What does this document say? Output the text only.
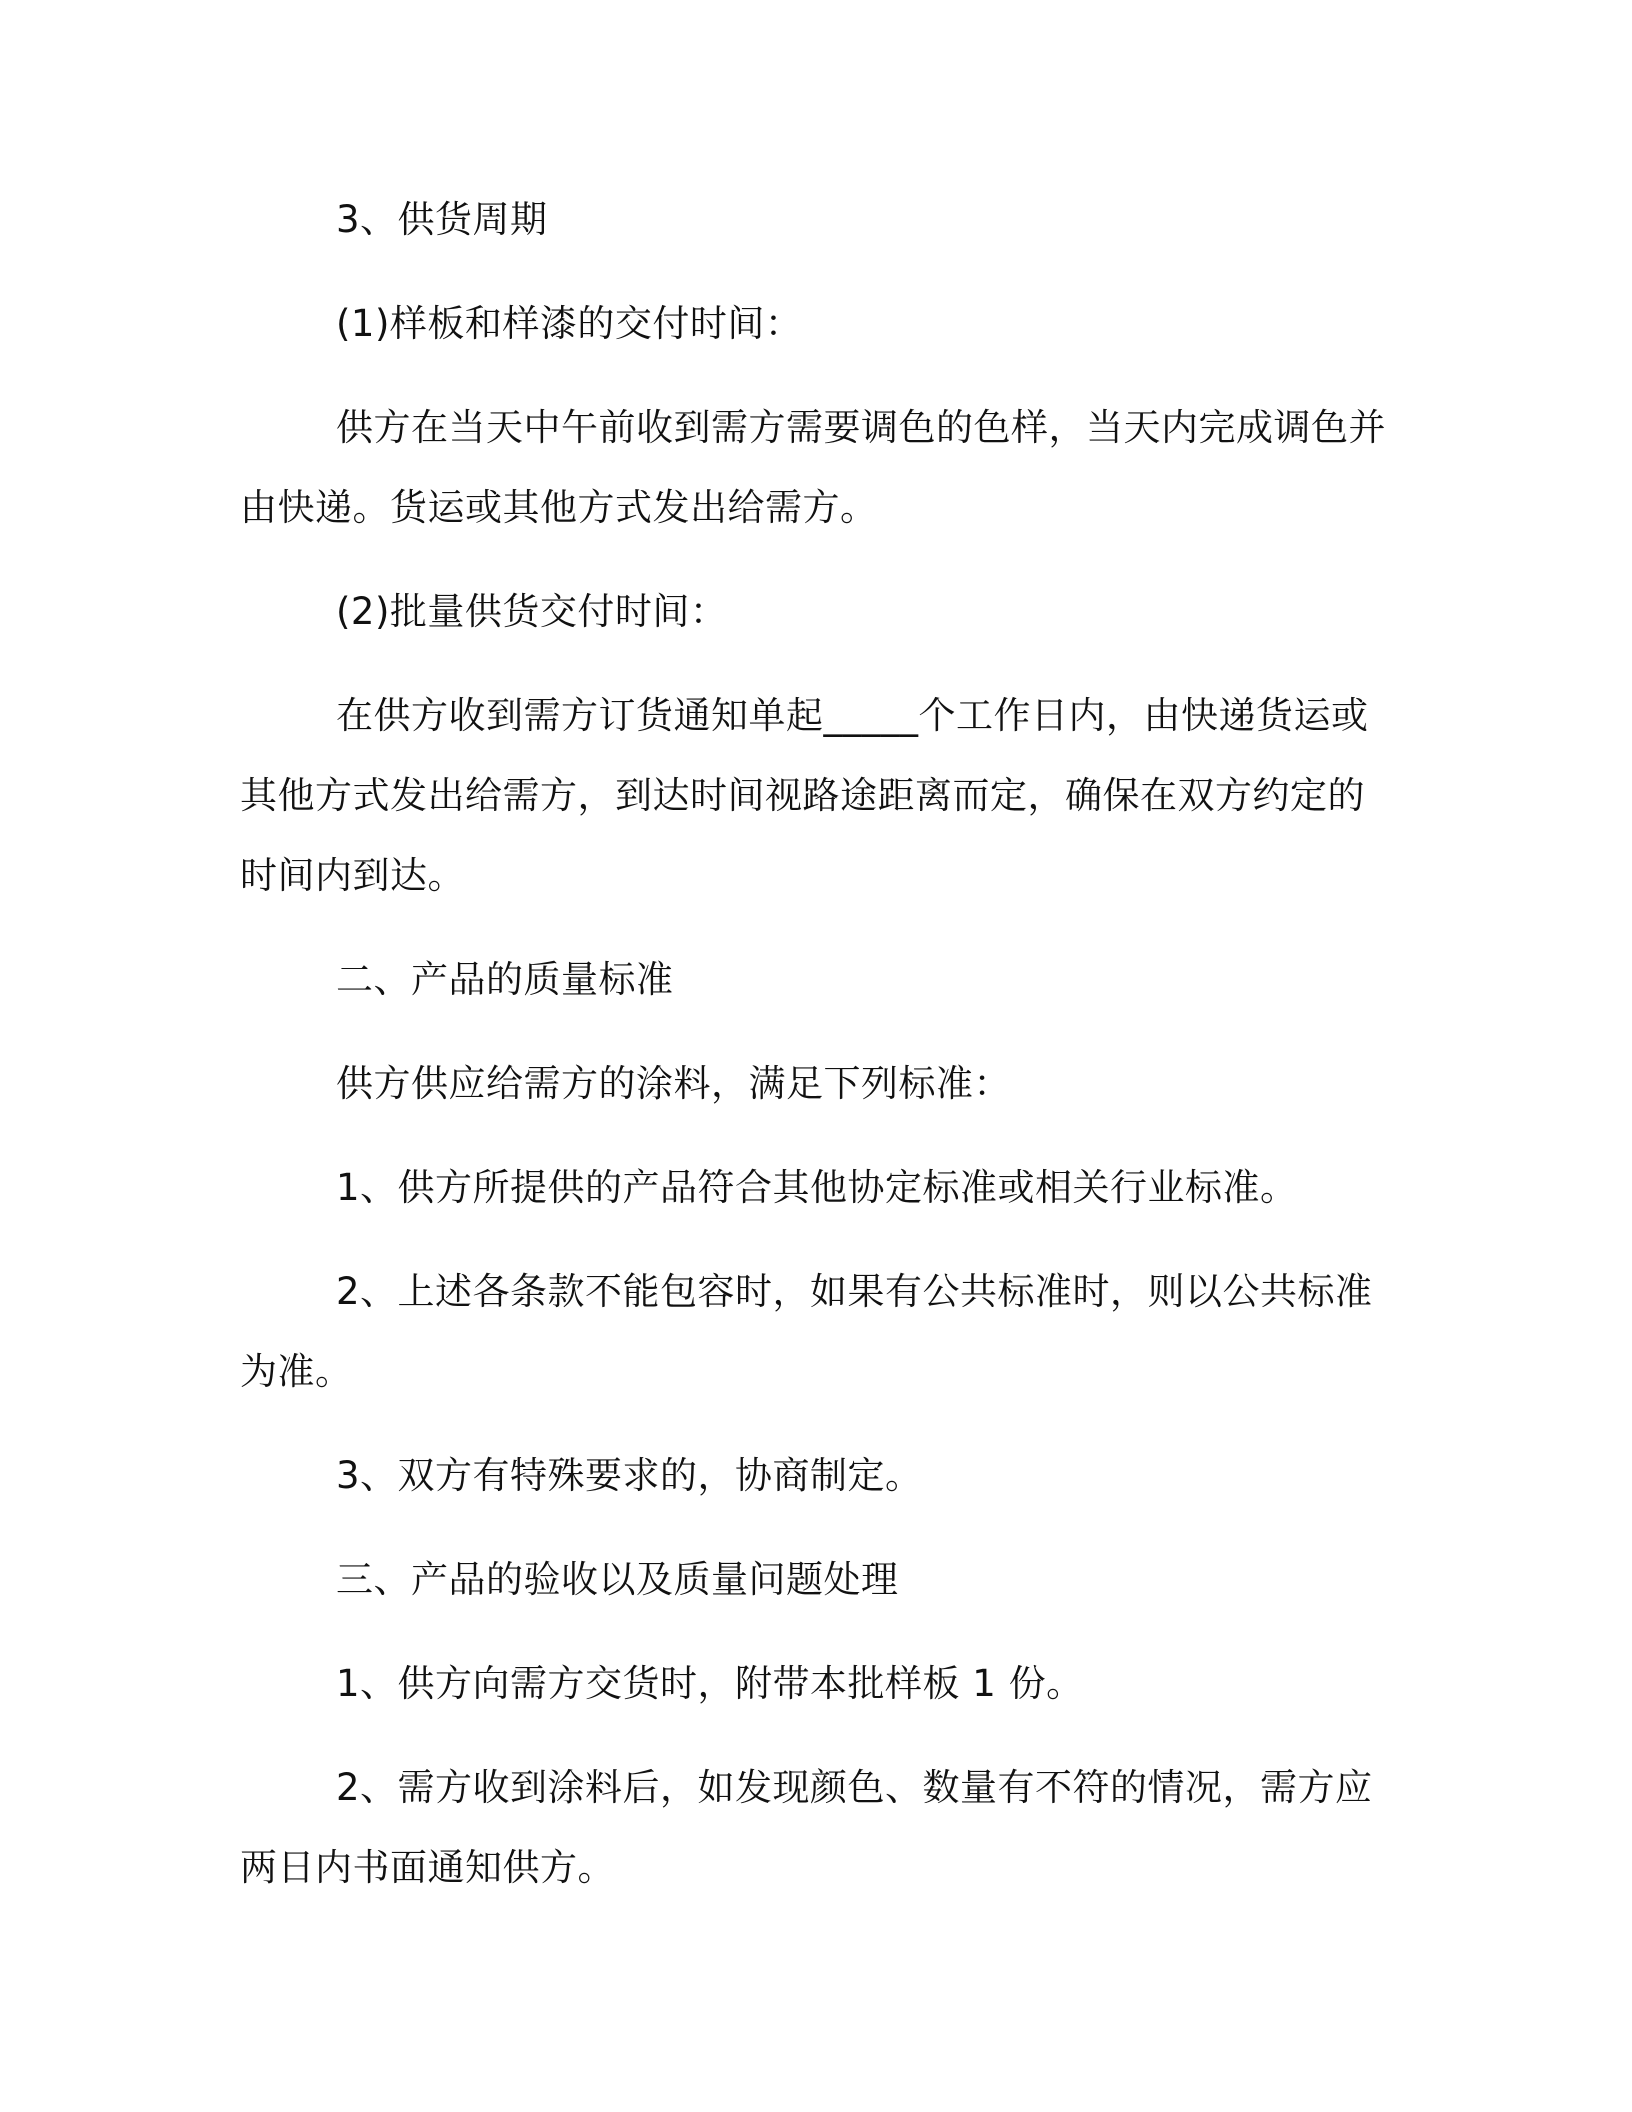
3、供货周期

(1)样板和样漆的交付时间：

供方在当天中午前收到需方需要调色的色样，当天内完成调色并由快递。货运或其他方式发出给需方。

(2)批量供货交付时间：

在供方收到需方订货通知单起_____个工作日内，由快递货运或其他方式发出给需方，到达时间视路途距离而定，确保在双方约定的时间内到达。

二、产品的质量标准

供方供应给需方的涂料，满足下列标准：

1、供方所提供的产品符合其他协定标准或相关行业标准。

2、上述各条款不能包容时，如果有公共标准时，则以公共标准为准。

3、双方有特殊要求的，协商制定。

三、产品的验收以及质量问题处理

1、供方向需方交货时，附带本批样板 1 份。

2、需方收到涂料后，如发现颜色、数量有不符的情况，需方应两日内书面通知供方。
